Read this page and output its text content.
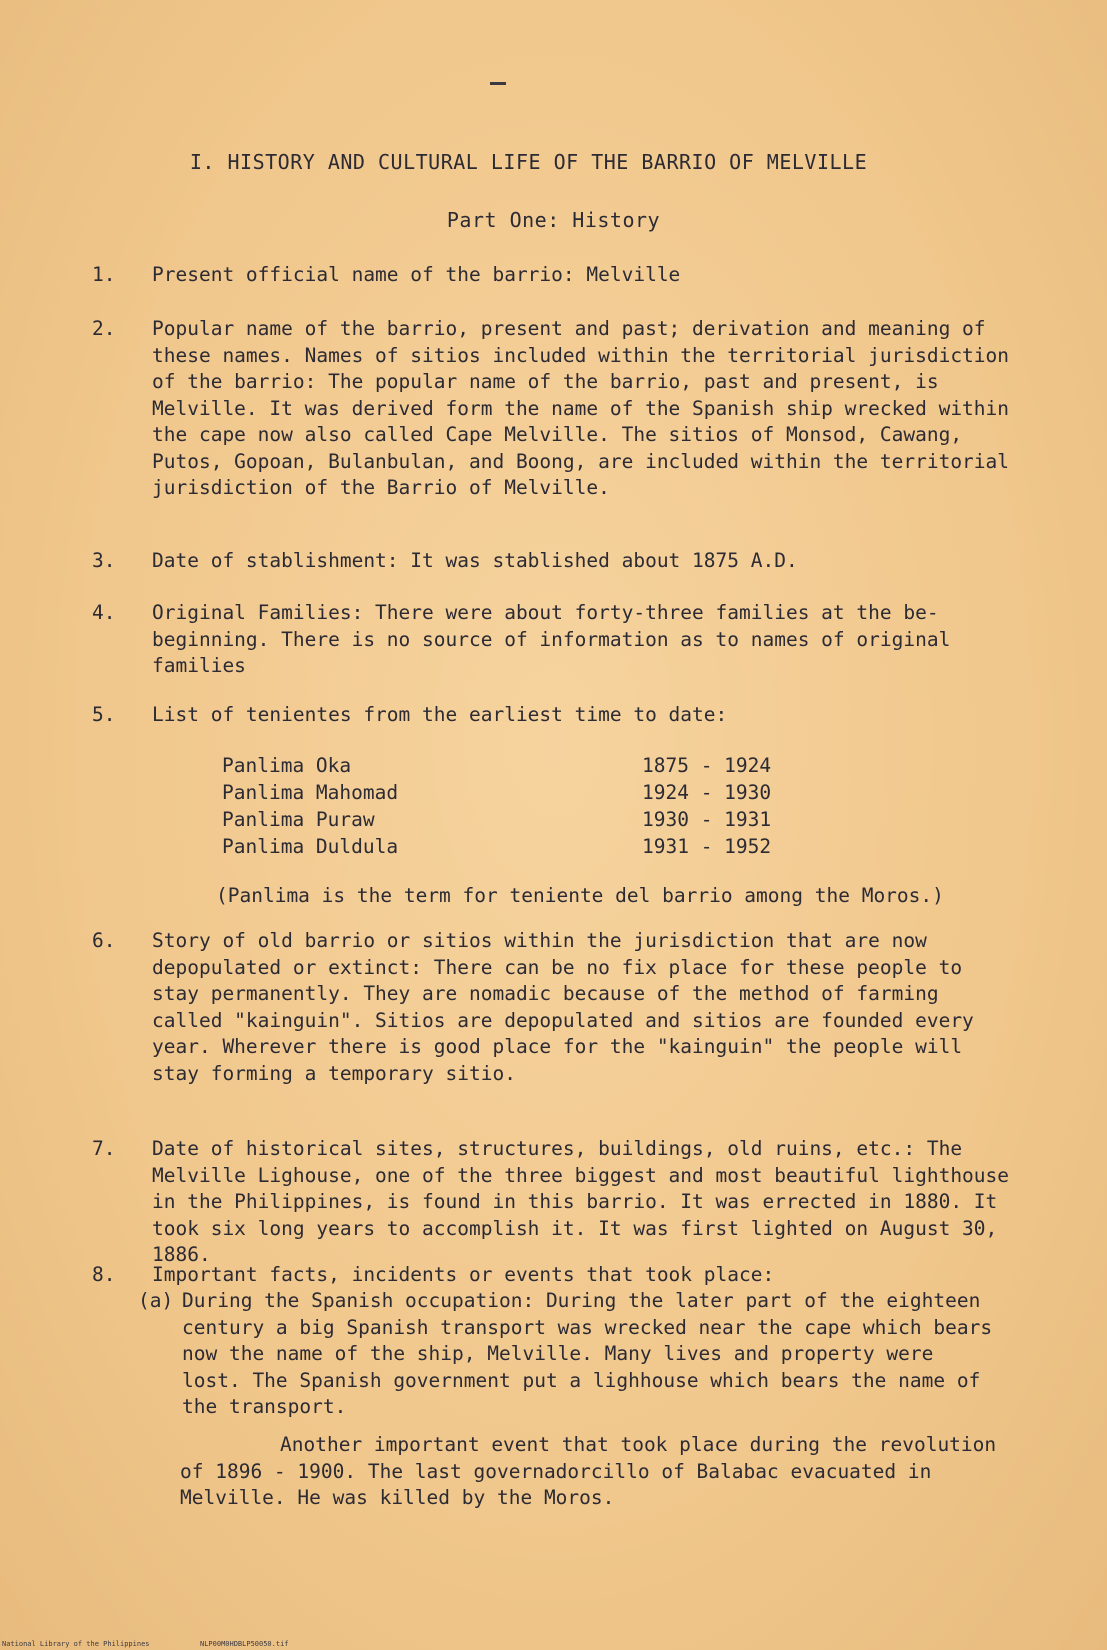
I. HISTORY AND CULTURAL LIFE OF THE BARRIO OF MELVILLE
Part One: History
1.	Present official name of the barrio: Melville
2.	Popular name of the barrio, present and past; derivation and meaning of these names. Names of sitios included within the territorial jurisdiction of the barrio: The popular name of the barrio, past and present, is Melville. It was derived form the name of the Spanish ship wrecked within the cape now also called Cape Melville. The sitios of Monsod, Cawang, Putos, Gopoan, Bulanbulan, and Boong, are included within the territorial jurisdiction of the Barrio of Melville.
3.	Date of stablishment: It was stablished about 1875 A.D.
4.	Original Families: There were about forty-three families at the be-beginning. There is no source of information as to names of original families
5.	List of tenientes from the earliest time to date:
Panlima Oka	1875 - 1924
Panlima Mahomad	1924 - 1930
Panlima Puraw	1930 - 1931
Panlima Duldula	1931 - 1952
(Panlima is the term for teniente del barrio among the Moros.)
6.	Story of old barrio or sitios within the jurisdiction that are now depopulated or extinct: There can be no fix place for these people to stay permanently. They are nomadic because of the method of farming called "kainguin". Sitios are depopulated and sitios are founded every year. Wherever there is good place for the "kainguin" the people will stay forming a temporary sitio.
7.	Date of historical sites, structures, buildings, old ruins, etc.: The Melville Lighouse, one of the three biggest and most beautiful lighthouse in the Philippines, is found in this barrio. It was errected in 1880. It took six long years to accomplish it. It was first lighted on August 30, 1886.
8.	Important facts, incidents or events that took place:
(a) During the Spanish occupation: During the later part of the eighteen century a big Spanish transport was wrecked near the cape which bears now the name of the ship, Melville. Many lives and property were lost. The Spanish government put a lighhouse which bears the name of the transport.
Another important event that took place during the revolution of 1896 - 1900. The last governadorcillo of Balabac evacuated in Melville. He was killed by the Moros.
National Library of the Philippines	NLP00M0HDBLP50050.tif
